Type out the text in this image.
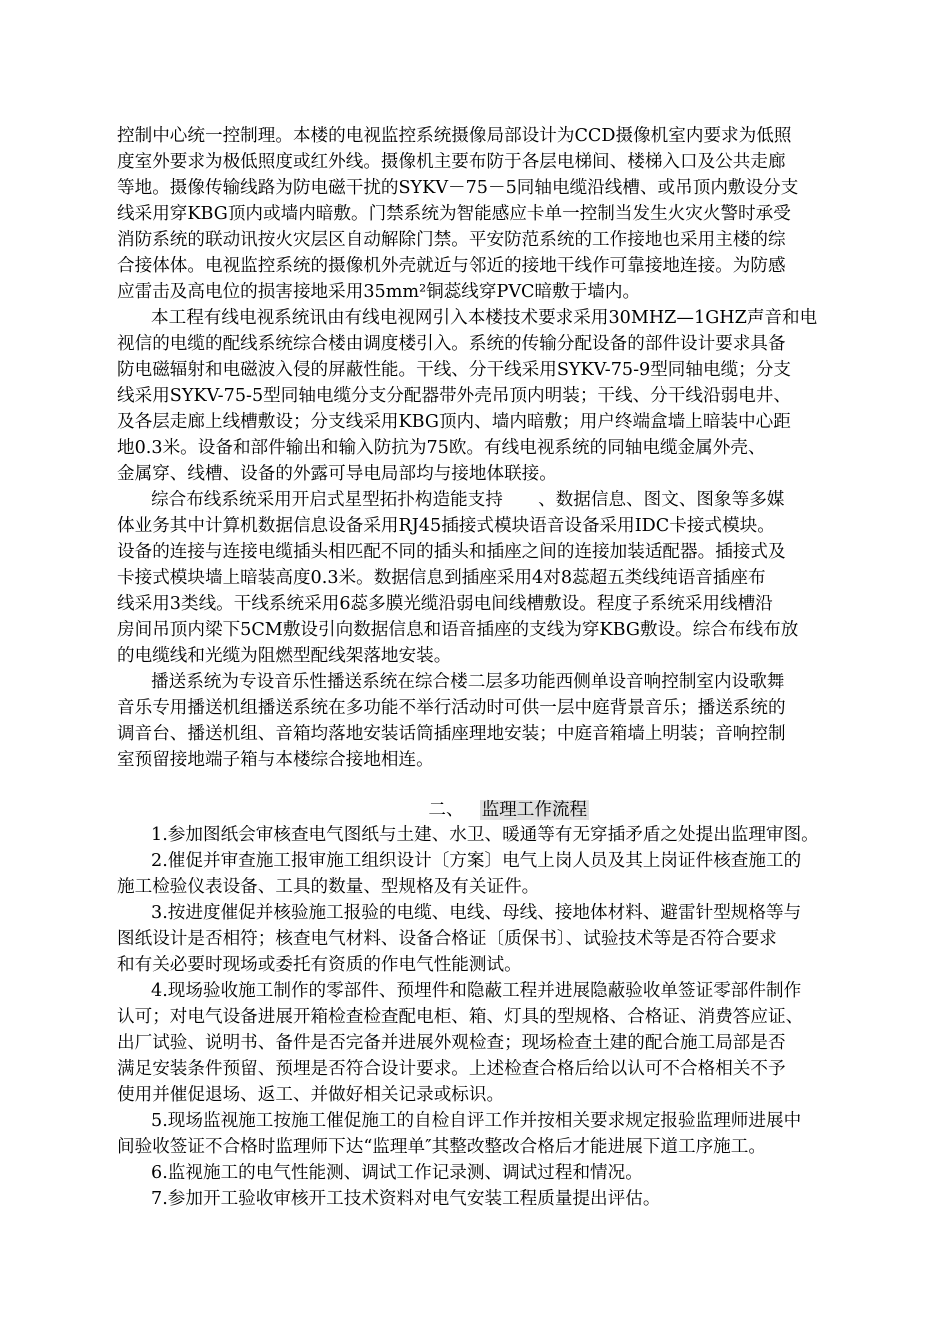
控制中心统一控制理。本楼的电视监控系统摄像局部设计为CCD摄像机室内要求为低照
度室外要求为极低照度或红外线。摄像机主要布防于各层电梯间、楼梯入口及公共走廊
等地。摄像传输线路为防电磁干扰的SYKV－75－5同轴电缆沿线槽、或吊顶内敷设分支
线采用穿KBG顶内或墙内暗敷。门禁系统为智能感应卡单一控制当发生火灾火警时承受
消防系统的联动讯按火灾层区自动解除门禁。平安防范系统的工作接地也采用主楼的综
合接体体。电视监控系统的摄像机外壳就近与邻近的接地干线作可靠接地连接。为防感
应雷击及高电位的损害接地采用35mm²铜蕊线穿PVC暗敷于墙内。
本工程有线电视系统讯由有线电视网引入本楼技术要求采用30MHZ—1GHZ声音和电
视信的电缆的配线系统综合楼由调度楼引入。系统的传输分配设备的部件设计要求具备
防电磁辐射和电磁波入侵的屏蔽性能。干线、分干线采用SYKV-75-9型同轴电缆；分支
线采用SYKV-75-5型同轴电缆分支分配器带外壳吊顶内明装；干线、分干线沿弱电井、
及各层走廊上线槽敷设；分支线采用KBG顶内、墙内暗敷；用户终端盒墙上暗装中心距
地0.3米。设备和部件输出和输入防抗为75欧。有线电视系统的同轴电缆金属外壳、
金属穿、线槽、设备的外露可导电局部均与接地体联接。
综合布线系统采用开启式星型拓扑构造能支持　　、数据信息、图文、图象等多媒
体业务其中计算机数据信息设备采用RJ45插接式模块语音设备采用IDC卡接式模块。
设备的连接与连接电缆插头相匹配不同的插头和插座之间的连接加装适配器。插接式及
卡接式模块墙上暗装高度0.3米。数据信息到插座采用4对8蕊超五类线纯语音插座布
线采用3类线。干线系统采用6蕊多膜光缆沿弱电间线槽敷设。程度子系统采用线槽沿
房间吊顶内梁下5CM敷设引向数据信息和语音插座的支线为穿KBG敷设。综合布线布放
的电缆线和光缆为阻燃型配线架落地安装。
播送系统为专设音乐性播送系统在综合楼二层多功能西侧单设音响控制室内设歌舞
音乐专用播送机组播送系统在多功能不举行活动时可供一层中庭背景音乐；播送系统的
调音台、播送机组、音箱均落地安装话筒插座理地安装；中庭音箱墙上明装；音响控制
室预留接地端子箱与本楼综合接地相连。

二、 监理工作流程

1.参加图纸会审核查电气图纸与土建、水卫、暖通等有无穿插矛盾之处提出监理审图。
2.催促并审查施工报审施工组织设计〔方案〕电气上岗人员及其上岗证件核查施工的
施工检验仪表设备、工具的数量、型规格及有关证件。
3.按进度催促并核验施工报验的电缆、电线、母线、接地体材料、避雷针型规格等与
图纸设计是否相符；核查电气材料、设备合格证〔质保书〕、试验技术等是否符合要求
和有关必要时现场或委托有资质的作电气性能测试。
4.现场验收施工制作的零部件、预埋件和隐蔽工程并进展隐蔽验收单签证零部件制作
认可；对电气设备进展开箱检查检查配电柜、箱、灯具的型规格、合格证、消费答应证、
出厂试验、说明书、备件是否完备并进展外观检查；现场检查土建的配合施工局部是否
满足安装条件预留、预埋是否符合设计要求。上述检查合格后给以认可不合格相关不予
使用并催促退场、返工、并做好相关记录或标识。
5.现场监视施工按施工催促施工的自检自评工作并按相关要求规定报验监理师进展中
间验收签证不合格时监理师下达“监理单″其整改整改合格后才能进展下道工序施工。
6.监视施工的电气性能测、调试工作记录测、调试过程和情况。
7.参加开工验收审核开工技术资料对电气安装工程质量提出评估。
